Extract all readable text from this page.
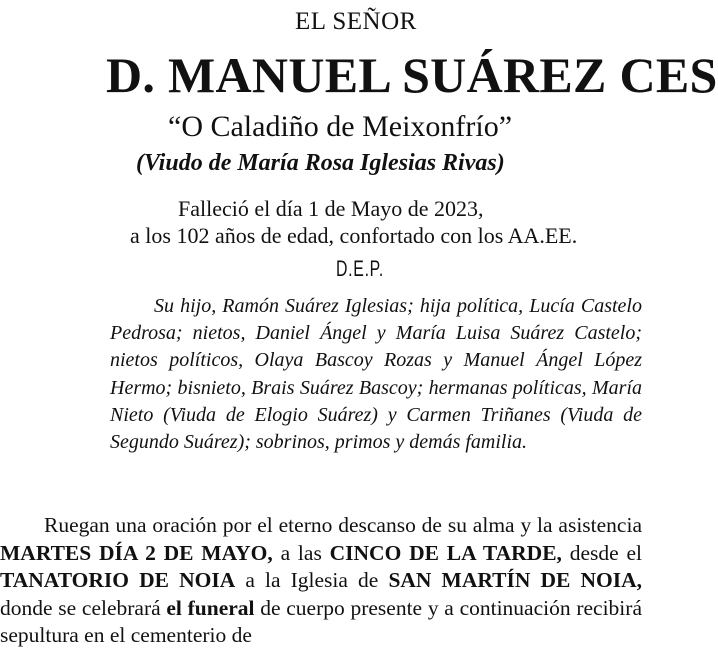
EL SEÑOR
D. MANUEL SUÁREZ CES
“O Caladiño de Meixonfrío”
(Viudo de María Rosa Iglesias Rivas)
Falleció el día 1 de Mayo de 2023,
a los 102 años de edad, confortado con los AA.EE.
D.E.P.
Su hijo, Ramón Suárez Iglesias; hija política, Lucía Castelo Pedrosa; nietos, Daniel Ángel y María Luisa Suárez Castelo; nietos políticos, Olaya Bascoy Rozas y Manuel Ángel López Hermo; bisnieto, Brais Suárez Bascoy; hermanas políticas, María Nieto (Viuda de Elogio Suárez) y Carmen Triñanes (Viuda de Segundo Suárez); sobrinos, primos y demás familia.
Ruegan una oración por el eterno descanso de su alma y la asistencia MARTES DÍA 2 DE MAYO, a las CINCO DE LA TARDE, desde el TANATORIO DE NOIA a la Iglesia de SAN MARTÍN DE NOIA, donde se celebrará el funeral de cuerpo presente y a continuación recibirá sepultura en el cementerio de
